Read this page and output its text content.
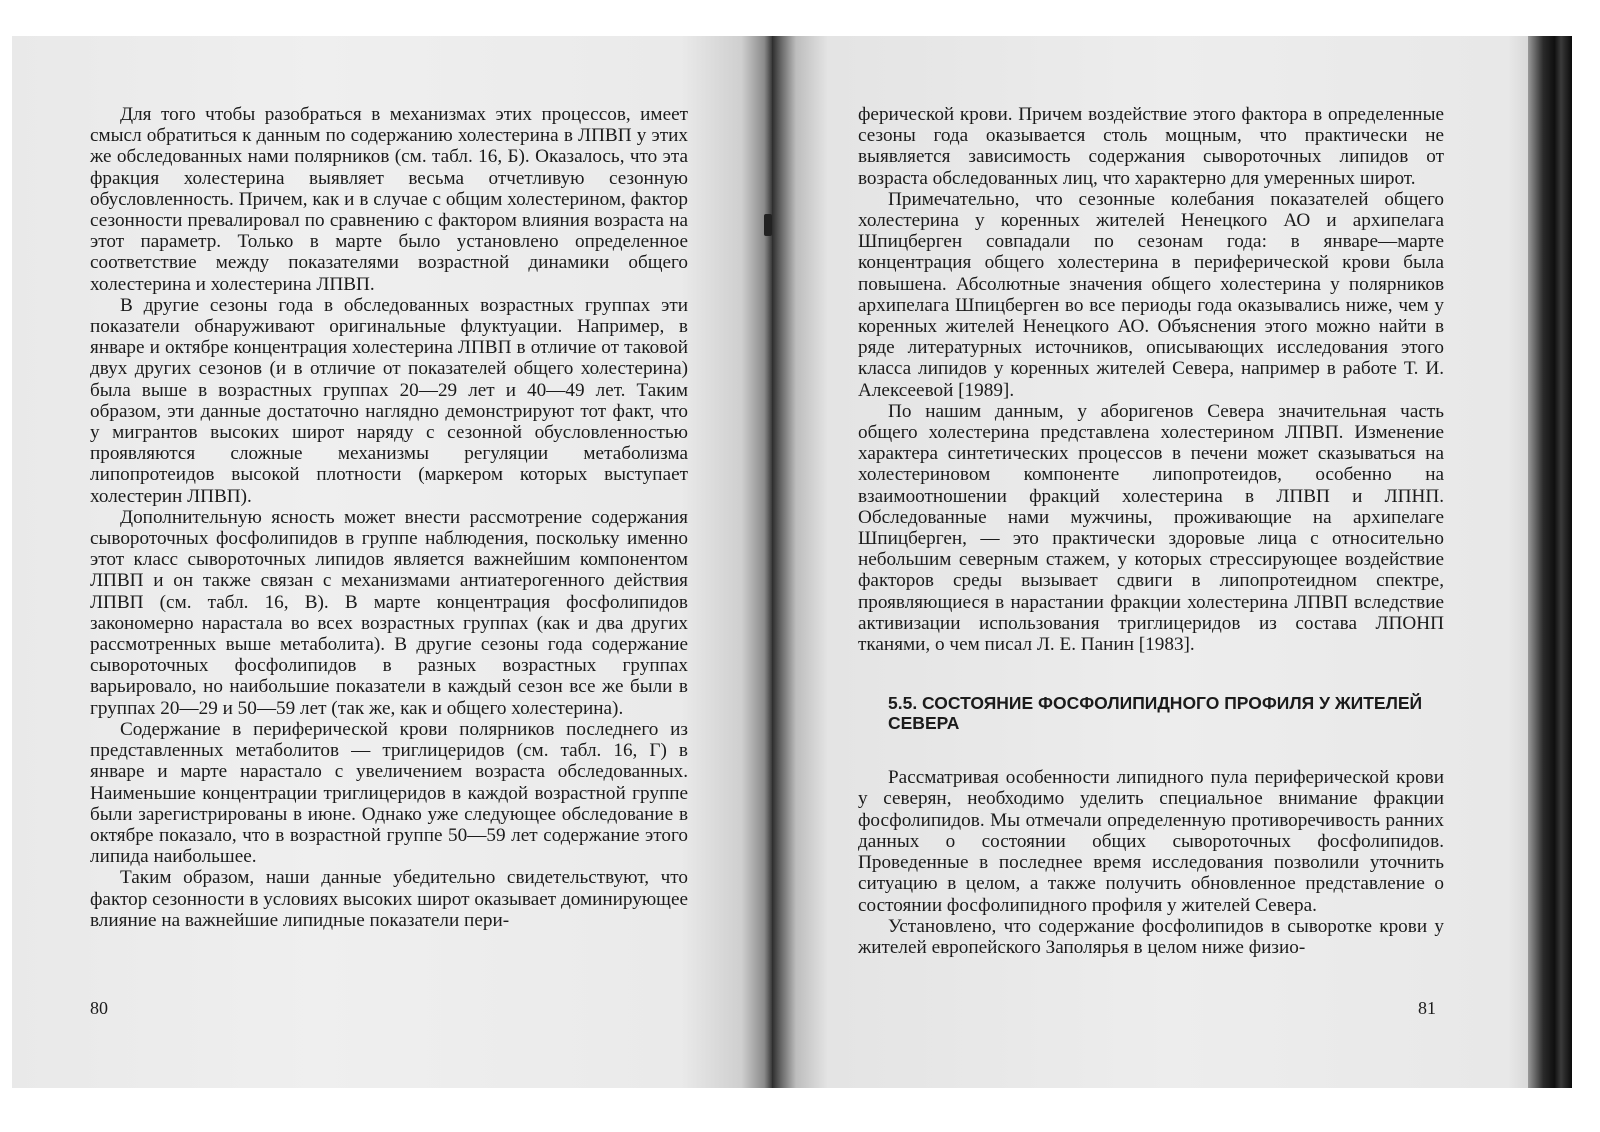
Для того чтобы разобраться в механизмах этих процессов, имеет смысл обратиться к данным по содержанию холестерина в ЛПВП у этих же обследованных нами полярников (см. табл. 16, Б). Оказалось, что эта фракция холестерина выявляет весьма отчетливую сезонную обусловленность. Причем, как и в случае с общим холестерином, фактор сезонности превалировал по сравнению с фактором влияния возраста на этот параметр. Только в марте было установлено определенное соответствие между показателями возрастной динамики общего холестерина и холестерина ЛПВП.

В другие сезоны года в обследованных возрастных группах эти показатели обнаруживают оригинальные флуктуации. Например, в январе и октябре концентрация холестерина ЛПВП в отличие от таковой двух других сезонов (и в отличие от показателей общего холестерина) была выше в возрастных группах 20—29 лет и 40—49 лет. Таким образом, эти данные достаточно наглядно демонстрируют тот факт, что у мигрантов высоких широт наряду с сезонной обусловленностью проявляются сложные механизмы регуляции метаболизма липопротеидов высокой плотности (маркером которых выступает холестерин ЛПВП).

Дополнительную ясность может внести рассмотрение содержания сывороточных фосфолипидов в группе наблюдения, поскольку именно этот класс сывороточных липидов является важнейшим компонентом ЛПВП и он также связан с механизмами антиатерогенного действия ЛПВП (см. табл. 16, В). В марте концентрация фосфолипидов закономерно нарастала во всех возрастных группах (как и два других рассмотренных выше метаболита). В другие сезоны года содержание сывороточных фосфолипидов в разных возрастных группах варьировало, но наибольшие показатели в каждый сезон все же были в группах 20—29 и 50—59 лет (так же, как и общего холестерина).

Содержание в периферической крови полярников последнего из представленных метаболитов — триглицеридов (см. табл. 16, Г) в январе и марте нарастало с увеличением возраста обследованных. Наименьшие концентрации триглицеридов в каждой возрастной группе были зарегистрированы в июне. Однако уже следующее обследование в октябре показало, что в возрастной группе 50—59 лет содержание этого липида наибольшее.

Таким образом, наши данные убедительно свидетельствуют, что фактор сезонности в условиях высоких широт оказывает доминирующее влияние на важнейшие липидные показатели пери-

80

ферической крови. Причем воздействие этого фактора в определенные сезоны года оказывается столь мощным, что практически не выявляется зависимость содержания сывороточных липидов от возраста обследованных лиц, что характерно для умеренных широт.

Примечательно, что сезонные колебания показателей общего холестерина у коренных жителей Ненецкого АО и архипелага Шпицберген совпадали по сезонам года: в январе—марте концентрация общего холестерина в периферической крови была повышена. Абсолютные значения общего холестерина у полярников архипелага Шпицберген во все периоды года оказывались ниже, чем у коренных жителей Ненецкого АО. Объяснения этого можно найти в ряде литературных источников, описывающих исследования этого класса липидов у коренных жителей Севера, например в работе Т. И. Алексеевой [1989].

По нашим данным, у аборигенов Севера значительная часть общего холестерина представлена холестерином ЛПВП. Изменение характера синтетических процессов в печени может сказываться на холестериновом компоненте липопротеидов, особенно на взаимоотношении фракций холестерина в ЛПВП и ЛПНП. Обследованные нами мужчины, проживающие на архипелаге Шпицберген, — это практически здоровые лица с относительно небольшим северным стажем, у которых стрессирующее воздействие факторов среды вызывает сдвиги в липопротеидном спектре, проявляющиеся в нарастании фракции холестерина ЛПВП вследствие активизации использования триглицеридов из состава ЛПОНП тканями, о чем писал Л. Е. Панин [1983].

5.5. СОСТОЯНИЕ ФОСФОЛИПИДНОГО ПРОФИЛЯ У ЖИТЕЛЕЙ СЕВЕРА

Рассматривая особенности липидного пула периферической крови у северян, необходимо уделить специальное внимание фракции фосфолипидов. Мы отмечали определенную противоречивость ранних данных о состоянии общих сывороточных фосфолипидов. Проведенные в последнее время исследования позволили уточнить ситуацию в целом, а также получить обновленное представление о состоянии фосфолипидного профиля у жителей Севера.

Установлено, что содержание фосфолипидов в сыворотке крови у жителей европейского Заполярья в целом ниже физио-

81
